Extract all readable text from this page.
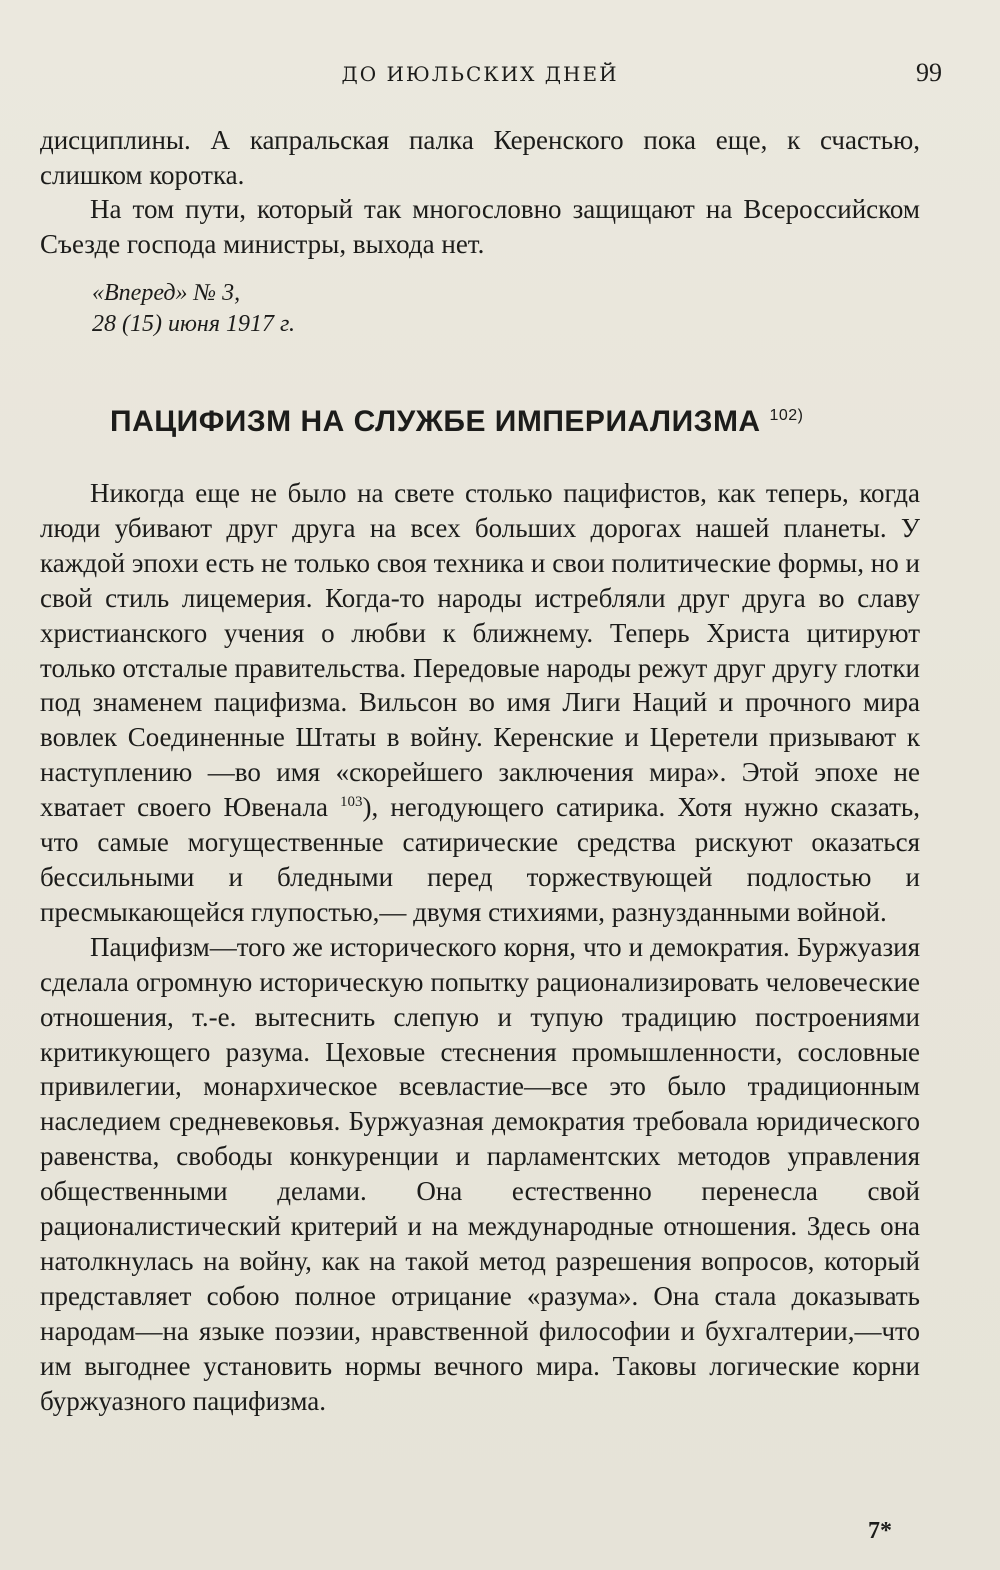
ДО ИЮЛЬСКИХ ДНЕЙ	99

дисциплины. А капральская палка Керенского пока еще, к счастью, слишком коротка.

На том пути, который так многословно защищают на Всероссийском Съезде господа министры, выхода нет.

«Вперед» № 3,
28 (15) июня 1917 г.
ПАЦИФИЗМ НА СЛУЖБЕ ИМПЕРИАЛИЗМА $^{102)}$

Никогда еще не было на свете столько пацифистов, как теперь, когда люди убивают друг друга на всех больших дорогах нашей планеты. У каждой эпохи есть не только своя техника и свои политические формы, но и свой стиль лицемерия. Когда-то народы истребляли друг друга во славу христианского учения о любви к ближнему. Теперь Христа цитируют только отсталые правительства. Передовые народы режут друг другу глотки под знаменем пацифизма. Вильсон во имя Лиги Наций и прочного мира вовлек Соединенные Штаты в войну. Керенские и Церетели призывают к наступлению —во имя «скорейшего заключения мира». Этой эпохе не хватает своего Ювенала $^{103}$), негодующего сатирика. Хотя нужно сказать, что самые могущественные сатирические средства рискуют оказаться бессильными и бледными перед торжествующей подлостью и пресмыкающейся глупостью,— двумя стихиями, разнузданными войной.

Пацифизм—того же исторического корня, что и демократия. Буржуазия сделала огромную историческую попытку рационализировать человеческие отношения, т.-е. вытеснить слепую и тупую традицию построениями критикующего разума. Цеховые стеснения промышленности, сословные привилегии, монархическое всевластие—все это было традиционным наследием средневековья. Буржуазная демократия требовала юридического равенства, свободы конкуренции и парламентских методов управления общественными делами. Она естественно перенесла свой рационалистический критерий и на международные отношения. Здесь она натолкнулась на войну, как на такой метод разрешения вопросов, который представляет собою полное отрицание «разума». Она стала доказывать народам—на языке поэзии, нравственной философии и бухгалтерии,—что им выгоднее установить нормы вечного мира. Таковы логические корни буржуазного пацифизма.

7*
